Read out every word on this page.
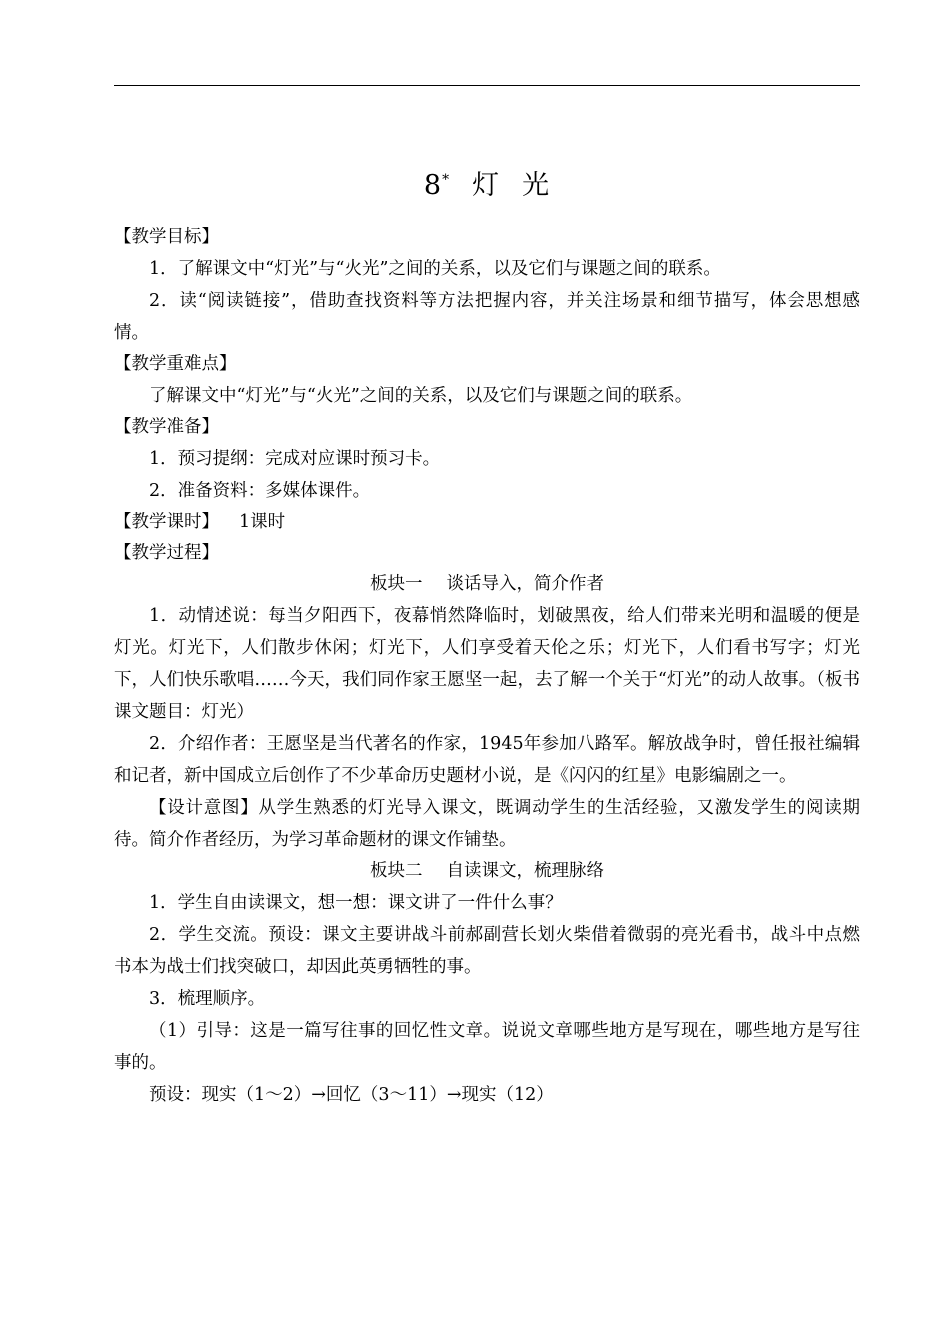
8* 灯 光
【教学目标】
1．了解课文中“灯光”与“火光”之间的关系，以及它们与课题之间的联系。
2．读“阅读链接”，借助查找资料等方法把握内容，并关注场景和细节描写，体会思想感情。
【教学重难点】
了解课文中“灯光”与“火光”之间的关系，以及它们与课题之间的联系。
【教学准备】
1．预习提纲：完成对应课时预习卡。
2．准备资料：多媒体课件。
【教学课时】 1课时
【教学过程】
板块一 谈话导入，简介作者
1．动情述说：每当夕阳西下，夜幕悄然降临时，划破黑夜，给人们带来光明和温暖的便是灯光。灯光下，人们散步休闲；灯光下，人们享受着天伦之乐；灯光下，人们看书写字；灯光下，人们快乐歌唱……今天，我们同作家王愿坚一起，去了解一个关于“灯光”的动人故事。（板书课文题目：灯光）
2．介绍作者：王愿坚是当代著名的作家，1945年参加八路军。解放战争时，曾任报社编辑和记者，新中国成立后创作了不少革命历史题材小说，是《闪闪的红星》电影编剧之一。
【设计意图】从学生熟悉的灯光导入课文，既调动学生的生活经验，又激发学生的阅读期待。简介作者经历，为学习革命题材的课文作铺垫。
板块二 自读课文，梳理脉络
1．学生自由读课文，想一想：课文讲了一件什么事？
2．学生交流。预设：课文主要讲战斗前郝副营长划火柴借着微弱的亮光看书，战斗中点燃书本为战士们找突破口，却因此英勇牺牲的事。
3．梳理顺序。
（1）引导：这是一篇写往事的回忆性文章。说说文章哪些地方是写现在，哪些地方是写往事的。
预设：现实（1～2）→回忆（3～11）→现实（12）
